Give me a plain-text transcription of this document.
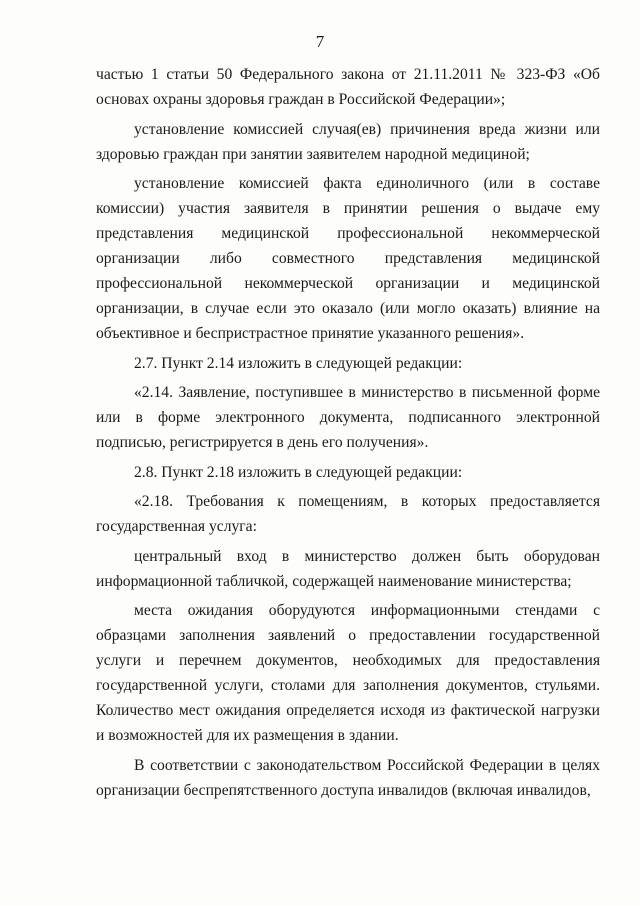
7

частью 1 статьи 50 Федерального закона от 21.11.2011 № 323-ФЗ «Об основах охраны здоровья граждан в Российской Федерации»;

установление комиссией случая(ев) причинения вреда жизни или здоровью граждан при занятии заявителем народной медициной;

установление комиссией факта единоличного (или в составе комиссии) участия заявителя в принятии решения о выдаче ему представления медицинской профессиональной некоммерческой организации либо совместного представления медицинской профессиональной некоммерческой организации и медицинской организации, в случае если это оказало (или могло оказать) влияние на объективное и беспристрастное принятие указанного решения».

2.7. Пункт 2.14 изложить в следующей редакции:

«2.14. Заявление, поступившее в министерство в письменной форме или в форме электронного документа, подписанного электронной подписью, регистрируется в день его получения».

2.8. Пункт 2.18 изложить в следующей редакции:

«2.18. Требования к помещениям, в которых предоставляется государственная услуга:

центральный вход в министерство должен быть оборудован информационной табличкой, содержащей наименование министерства;

места ожидания оборудуются информационными стендами с образцами заполнения заявлений о предоставлении государственной услуги и перечнем документов, необходимых для предоставления государственной услуги, столами для заполнения документов, стульями. Количество мест ожидания определяется исходя из фактической нагрузки и возможностей для их размещения в здании.

В соответствии с законодательством Российской Федерации в целях организации беспрепятственного доступа инвалидов (включая инвалидов,
